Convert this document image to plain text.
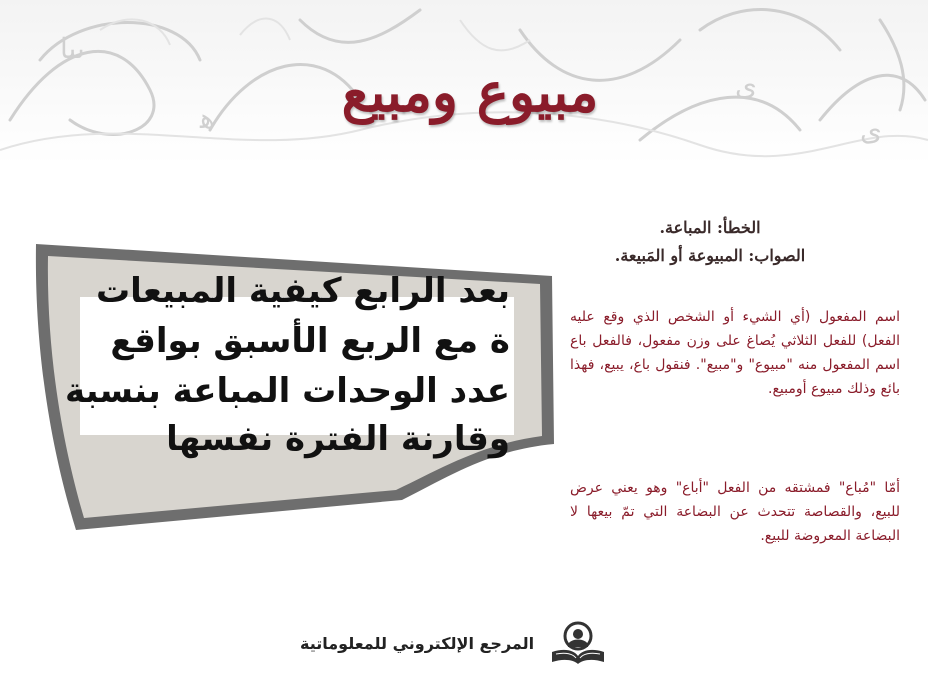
ىىا
ﻫ
ى
ى
مبيوع ومبيع
الخطأ: المباعة.
الصواب: المبيوعة أو المَبيعة.
اسم المفعول (أي الشيء أو الشخص الذي وقع عليه الفعل) للفعل الثلاثي يُصاغ على وزن مفعول، فالفعل باع اسم المفعول منه "مبيوع" و"مبيع". فنقول باع، يبيع، فهذا بائع وذلك مبيوع أومبيع.
أمّا "مُباع" فمشتقه من الفعل "أباع" وهو يعني عرض للبيع، والقصاصة تتحدث عن البضاعة التي تمّ بيعها لا البضاعة المعروضة للبيع.
بعد الرابع كيفية المبيعات
ة مع الربع الأسبق بواقع
عدد الوحدات المباعة بنسبة
وقارنة الفترة نفسها
المرجع الإلكتروني للمعلوماتية
